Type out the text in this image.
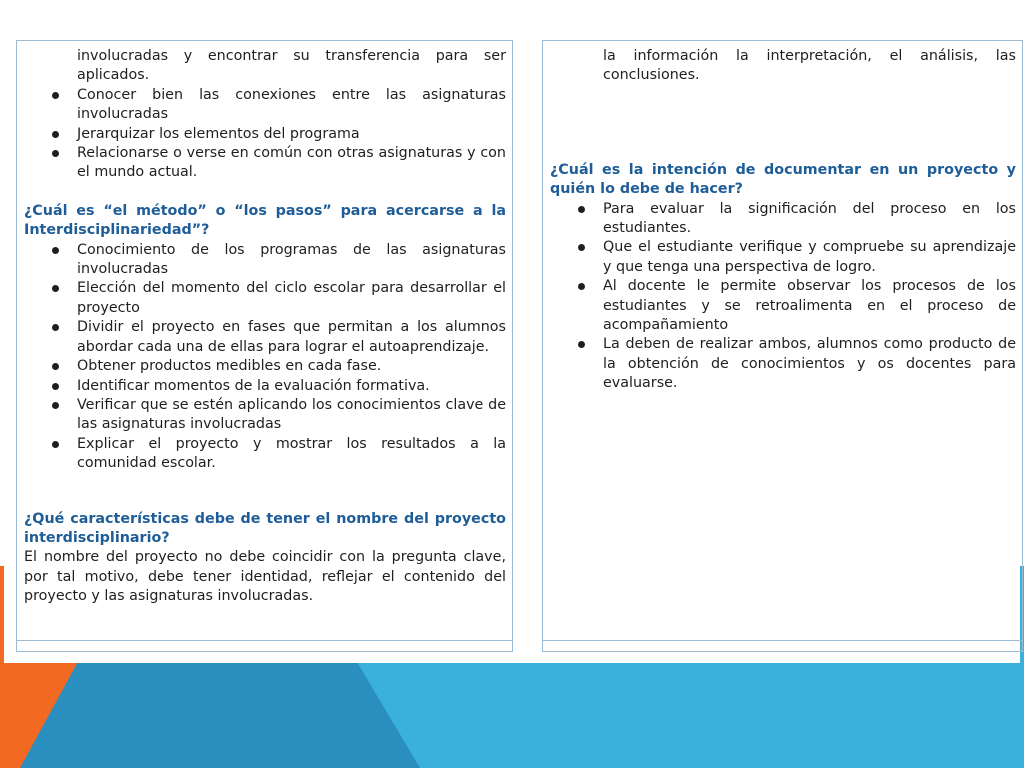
involucradas y encontrar su transferencia para ser aplicados.

Conocer bien las conexiones entre las asignaturas involucradas
Jerarquizar los elementos del programa
Relacionarse o verse en común con otras asignaturas y con el mundo actual.

¿Cuál es “el método” o “los pasos” para acercarse a la Interdisciplinariedad”?

Conocimiento de los programas de las asignaturas involucradas
Elección del momento del ciclo escolar para desarrollar el proyecto
Dividir el proyecto en fases que permitan a los alumnos abordar cada una de ellas para lograr el autoaprendizaje.
Obtener productos medibles en cada fase.
Identificar momentos de la evaluación formativa.
Verificar que se estén aplicando los conocimientos clave de las asignaturas involucradas
Explicar el proyecto y mostrar los resultados a la comunidad escolar.

¿Qué características debe de tener el nombre del proyecto interdisciplinario?

El nombre del proyecto no debe coincidir con la pregunta clave, por tal motivo, debe tener identidad, reflejar el contenido del proyecto y las asignaturas involucradas.

la información la interpretación, el análisis, las conclusiones.

¿Cuál es la intención de documentar en un proyecto y quién lo debe de hacer?

Para evaluar la significación del proceso en los estudiantes.
Que el estudiante verifique y compruebe su aprendizaje y que tenga una perspectiva de logro.
Al docente le permite observar los procesos de los estudiantes y se retroalimenta en el proceso de acompañamiento
La deben de realizar ambos, alumnos como producto de la obtención de conocimientos y os docentes para evaluarse.
